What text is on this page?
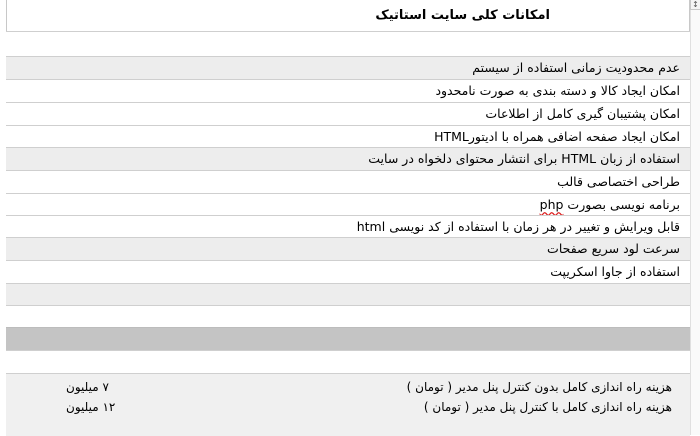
↕
امکانات کلی سایت استاتیک
عدم محدودیت زمانی استفاده از سیستم
امکان ایجاد کالا و دسته بندی به صورت نامحدود
امکان پشتیبان گیری کامل از اطلاعات
امکان ایجاد صفحه اضافی همراه با ادیتورHTML
استفاده از زبان HTML برای انتشار محتوای دلخواه در سایت
طراحی اختصاصی قالب
برنامه نویسی بصورت php
قابل ویرایش و تغییر در هر زمان با استفاده از کد نویسی html
سرعت لود سریع صفحات
استفاده از جاوا اسکریپت
هزینه راه اندازی کامل بدون کنترل پنل مدیر ( تومان )
۷ میلیون
هزینه راه اندازی کامل با کنترل پنل مدیر ( تومان )
۱۲ میلیون
